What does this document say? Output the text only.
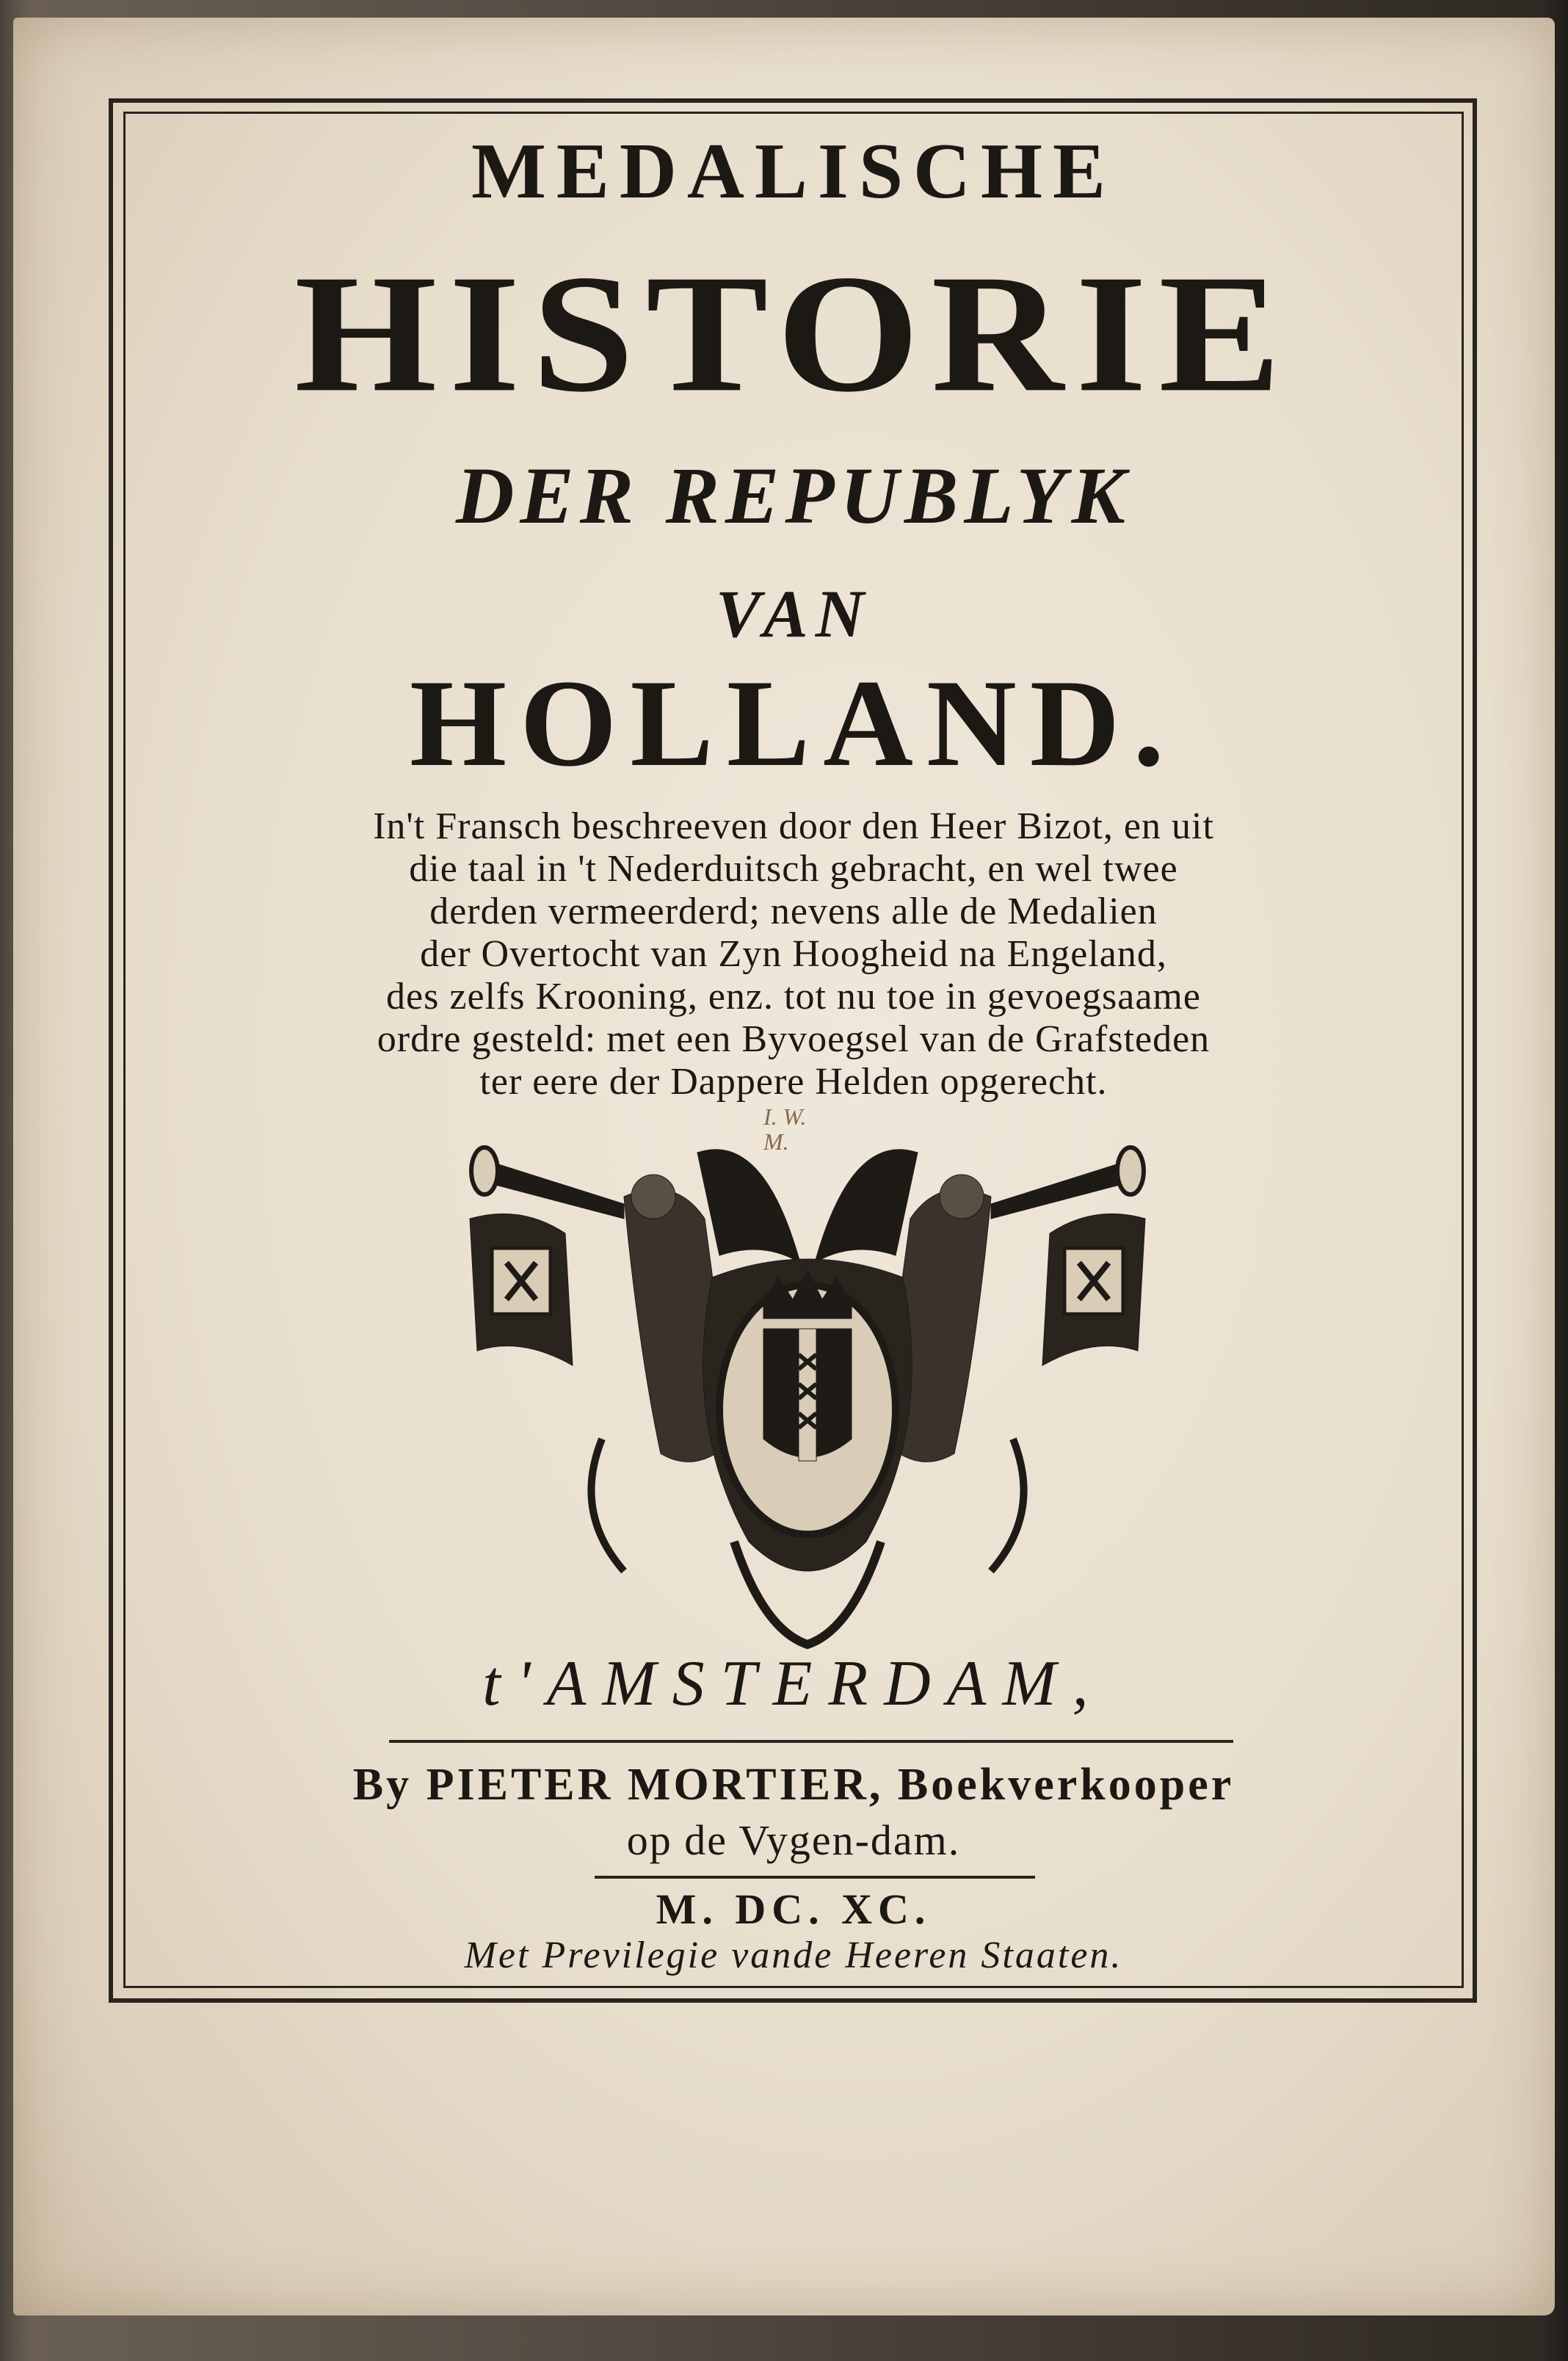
MEDALISCHE

HISTORIE

DER REPUBLYK

VAN

HOLLAND.

In't Fransch beschreeven door den Heer Bizot, en uit

die taal in 't Nederduitsch gebracht, en wel twee

derden vermeerderd; nevens alle de Medalien

der Overtocht van Zyn Hoogheid na Engeland,

des zelfs Krooning, enz. tot nu toe in gevoegsaame

ordre gesteld: met een Byvoegsel van de Grafsteden

ter eere der Dappere Helden opgerecht.

I. W.
M.

t'AMSTERDAM,

By PIETER MORTIER, Boekverkooper

op de Vygen-dam.

M. DC. XC.

Met Previlegie vande Heeren Staaten.
